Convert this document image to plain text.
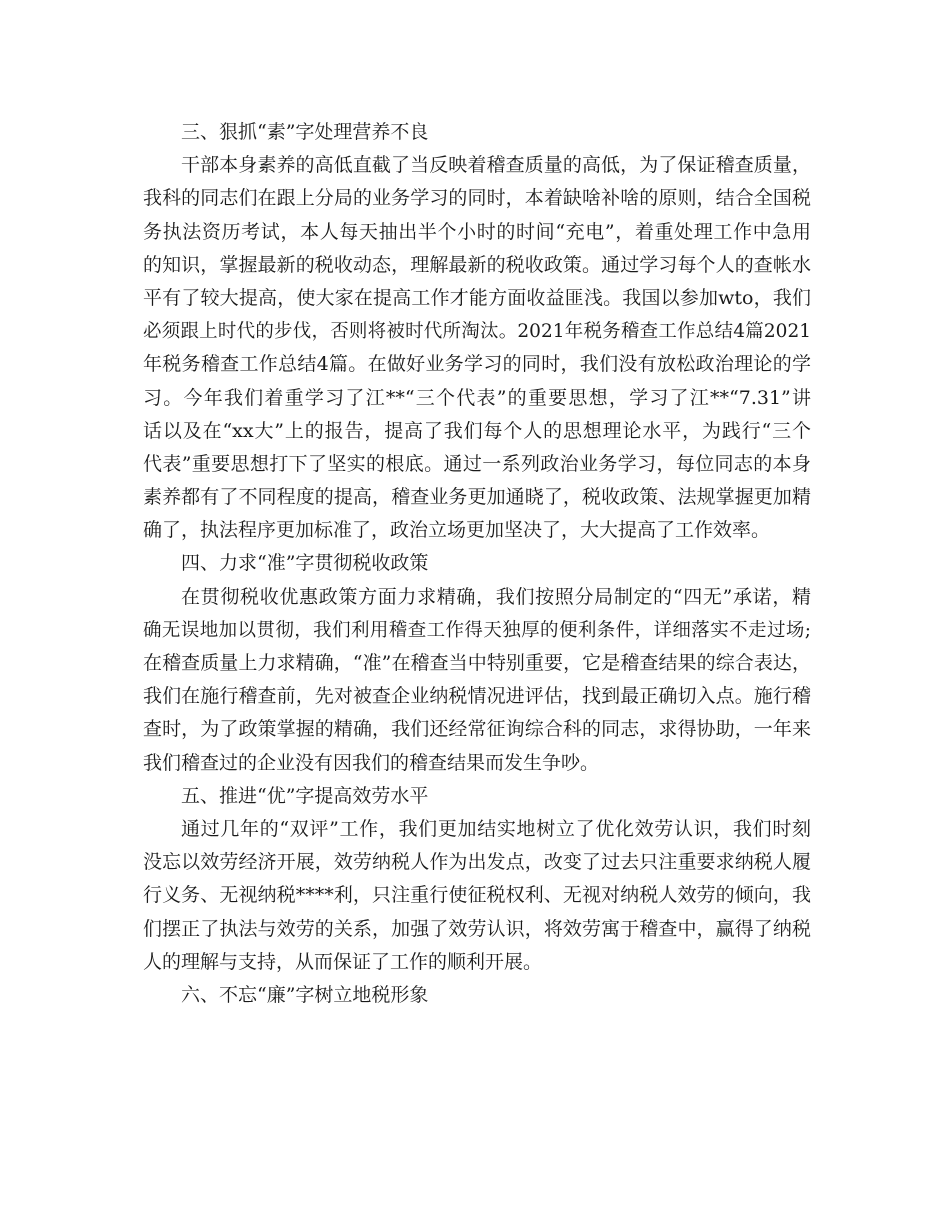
三、狠抓“素”字处理营养不良
干部本身素养的高低直截了当反映着稽查质量的高低，为了保证稽查质量，
我科的同志们在跟上分局的业务学习的同时，本着缺啥补啥的原则，结合全国税
务执法资历考试，本人每天抽出半个小时的时间“充电”，着重处理工作中急用
的知识，掌握最新的税收动态，理解最新的税收政策。通过学习每个人的查帐水
平有了较大提高，使大家在提高工作才能方面收益匪浅。我国以参加wto，我们
必须跟上时代的步伐，否则将被时代所淘汰。2021年税务稽查工作总结4篇2021
年税务稽查工作总结4篇。在做好业务学习的同时，我们没有放松政治理论的学
习。今年我们着重学习了江**“三个代表”的重要思想，学习了江**“7.31”讲
话以及在“xx大”上的报告，提高了我们每个人的思想理论水平，为践行“三个
代表”重要思想打下了坚实的根底。通过一系列政治业务学习，每位同志的本身
素养都有了不同程度的提高，稽查业务更加通晓了，税收政策、法规掌握更加精
确了，执法程序更加标准了，政治立场更加坚决了，大大提高了工作效率。
四、力求“准”字贯彻税收政策
在贯彻税收优惠政策方面力求精确，我们按照分局制定的“四无”承诺，精
确无误地加以贯彻，我们利用稽查工作得天独厚的便利条件，详细落实不走过场;
在稽查质量上力求精确，“准”在稽查当中特别重要，它是稽查结果的综合表达，
我们在施行稽查前，先对被查企业纳税情况进评估，找到最正确切入点。施行稽
查时，为了政策掌握的精确，我们还经常征询综合科的同志，求得协助，一年来
我们稽查过的企业没有因我们的稽查结果而发生争吵。
五、推进“优”字提高效劳水平
通过几年的“双评”工作，我们更加结实地树立了优化效劳认识，我们时刻
没忘以效劳经济开展，效劳纳税人作为出发点，改变了过去只注重要求纳税人履
行义务、无视纳税****利，只注重行使征税权利、无视对纳税人效劳的倾向，我
们摆正了执法与效劳的关系，加强了效劳认识，将效劳寓于稽查中，赢得了纳税
人的理解与支持，从而保证了工作的顺利开展。
六、不忘“廉”字树立地税形象
